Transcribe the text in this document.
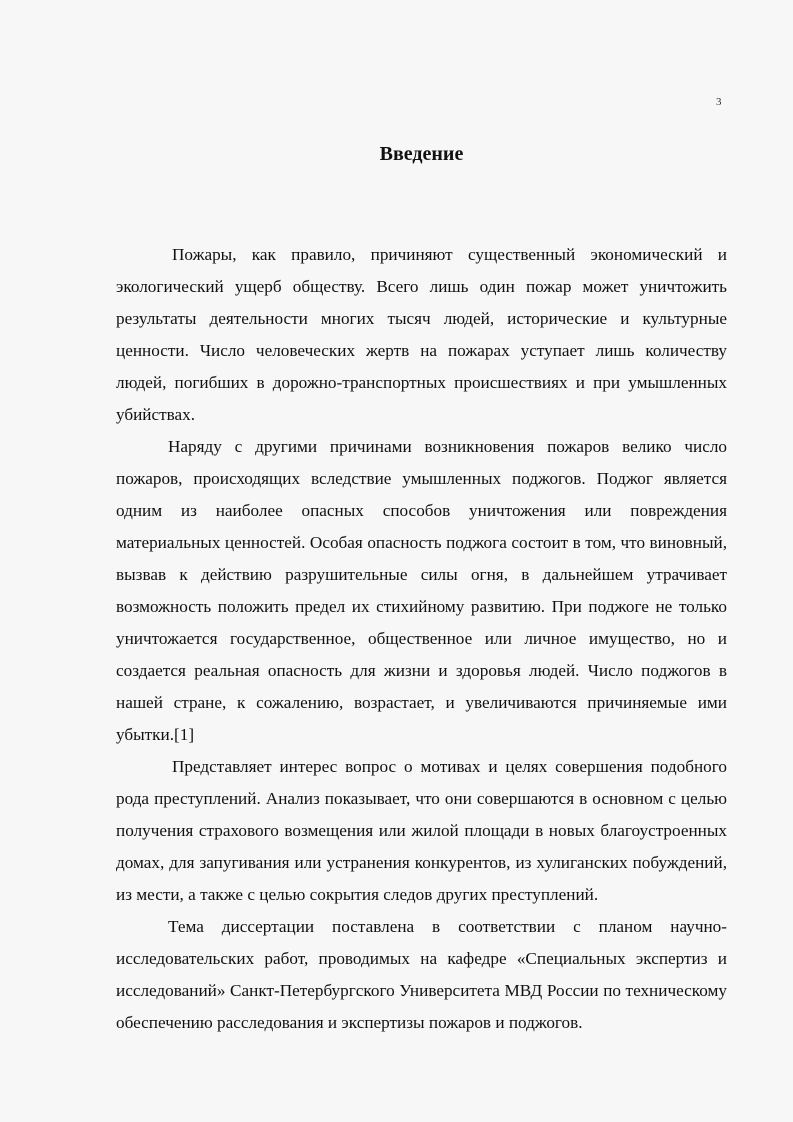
3
Введение

Пожары, как правило, причиняют существенный экономический и экологический ущерб обществу. Всего лишь один пожар может уничтожить результаты деятельности многих тысяч людей, исторические и культурные ценности. Число человеческих жертв на пожарах уступает лишь количеству людей, погибших в дорожно-транспортных происшествиях и при умышленных убийствах.

Наряду с другими причинами возникновения пожаров велико число пожаров, происходящих вследствие умышленных поджогов. Поджог является одним из наиболее опасных способов уничтожения или повреждения материальных ценностей. Особая опасность поджога состоит в том, что виновный, вызвав к действию разрушительные силы огня, в дальнейшем утрачивает возможность положить предел их стихийному развитию. При поджоге не только уничтожается государственное, общественное или личное имущество, но и создается реальная опасность для жизни и здоровья людей. Число поджогов в нашей стране, к сожалению, возрастает, и увеличиваются причиняемые ими убытки.[1]

Представляет интерес вопрос о мотивах и целях совершения подобного рода преступлений. Анализ показывает, что они совершаются в основном с целью получения страхового возмещения или жилой площади в новых благоустроенных домах, для запугивания или устранения конкурентов, из хулиганских побуждений, из мести, а также с целью сокрытия следов других преступлений.

Тема диссертации поставлена в соответствии с планом научно-исследовательских работ, проводимых на кафедре «Специальных экспертиз и исследований» Санкт-Петербургского Университета МВД России по техническому обеспечению расследования и экспертизы пожаров и поджогов.
